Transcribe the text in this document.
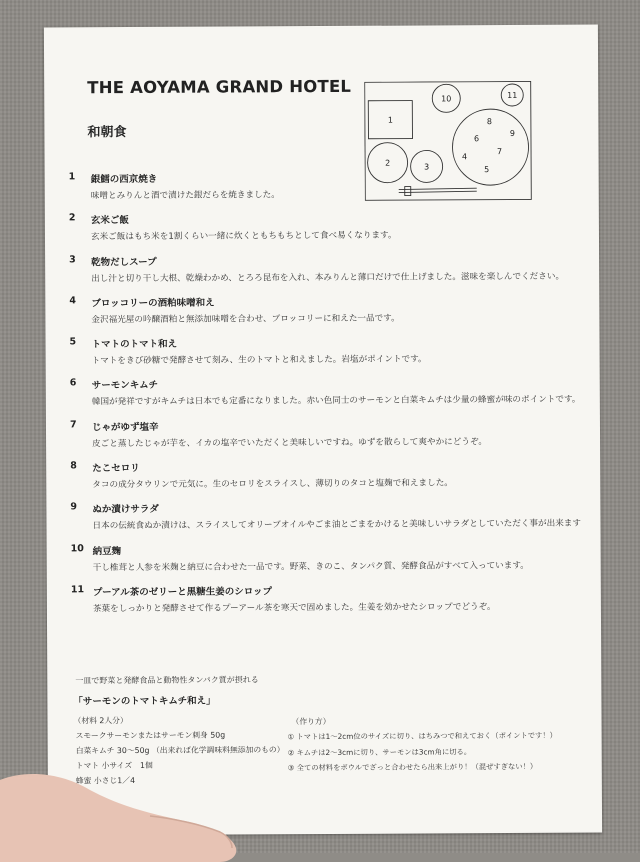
THE AOYAMA GRAND HOTEL
和朝食
1
2	3
4
5
6
7
8
9
10	11
1	銀鱈の西京焼き
味噌とみりんと酒で漬けた銀だらを焼きました。
2	玄米ご飯
玄米ご飯はもち米を1割くらい一緒に炊くともちもちとして食べ易くなります。
3	乾物だしスープ
出し汁と切り干し大根、乾燥わかめ、とろろ昆布を入れ、本みりんと薄口だけで仕上げました。滋味を楽しんでください。
4	ブロッコリーの酒粕味噌和え
金沢福光屋の吟醸酒粕と無添加味噌を合わせ、ブロッコリーに和えた一品です。
5	トマトのトマト和え
トマトをきび砂糖で発酵させて刻み、生のトマトと和えました。岩塩がポイントです。
6	サーモンキムチ
韓国が発祥ですがキムチは日本でも定番になりました。赤い色同士のサーモンと白菜キムチは少量の蜂蜜が味のポイントです。
7	じゃがゆず塩辛
皮ごと蒸したじゃが芋を、イカの塩辛でいただくと美味しいですね。ゆずを散らして爽やかにどうぞ。
8	たこセロリ
タコの成分タウリンで元気に。生のセロリをスライスし、薄切りのタコと塩麹で和えました。
9	ぬか漬けサラダ
日本の伝統食ぬか漬けは、スライスしてオリーブオイルやごま油とごまをかけると美味しいサラダとしていただく事が出来ます
10 納豆麹
干し椎茸と人参を米麹と納豆に合わせた一品です。野菜、きのこ、タンパク質、発酵食品がすべて入っています。
11 プーアル茶のゼリーと黒糖生姜のシロップ
茶葉をしっかりと発酵させて作るプーアール茶を寒天で固めました。生姜を効かせたシロップでどうぞ。
一皿で野菜と発酵食品と動物性タンパク質が摂れる
「サーモンのトマトキムチ和え」
（材料 2人分）
スモークサーモンまたはサーモン刺身 50g
白菜キムチ 30〜50g （出来れば化学調味料無添加のもの）
トマト 小サイズ　1個
蜂蜜 小さじ1／4
（作り方）
① トマトは1〜2cm位のサイズに切り、はちみつで和えておく（ポイントです！）
② キムチは2〜3cmに切り、サーモンは3cm角に切る。
③ 全ての材料をボウルでざっと合わせたら出来上がり！（混ぜすぎない！）
